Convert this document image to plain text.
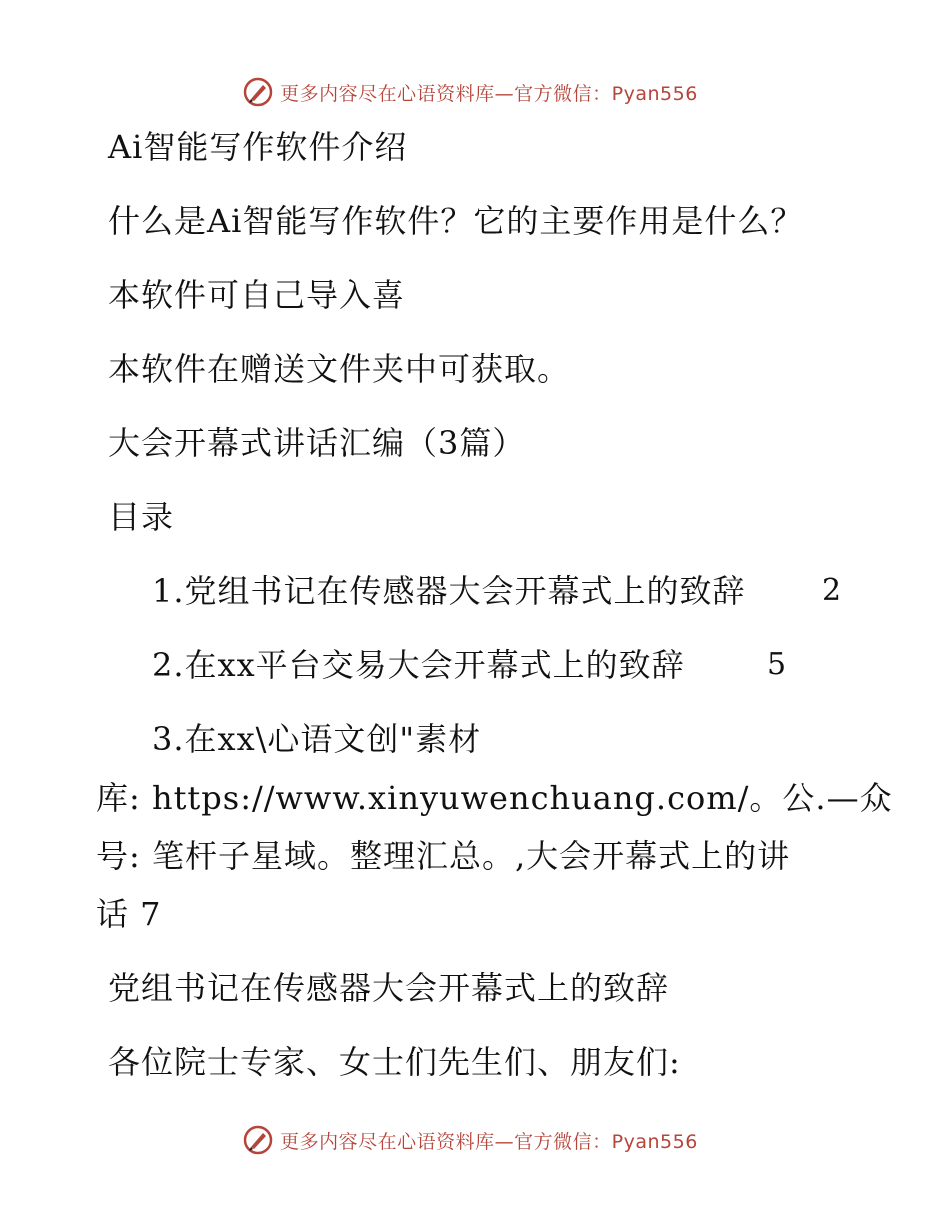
更多内容尽在心语资料库—官方微信：Pyan556
Ai智能写作软件介绍
什么是Ai智能写作软件？它的主要作用是什么？
本软件可自己导入喜
本软件在赠送文件夹中可获取。
大会开幕式讲话汇编（3篇）
目录
1.党组书记在传感器大会开幕式上的致辞	2
2.在xx平台交易大会开幕式上的致辞	5
3.在xx\心语文创"素材
库: https://www.xinyuwenchuang.com/。公.—众
号: 笔杆子星域。整理汇总。,大会开幕式上的讲
话 7
党组书记在传感器大会开幕式上的致辞
各位院士专家、女士们先生们、朋友们:
更多内容尽在心语资料库—官方微信：Pyan556
